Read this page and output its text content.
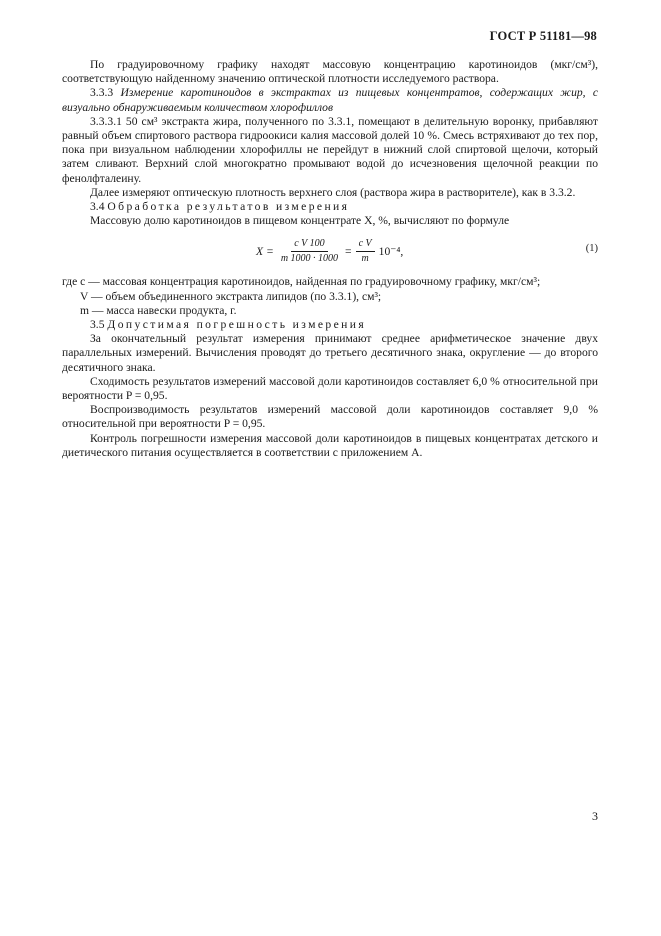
ГОСТ Р 51181—98

По градуировочному графику находят массовую концентрацию каротиноидов (мкг/см³), соответствующую найденному значению оптической плотности исследуемого раствора.

3.3.3 Измерение каротиноидов в экстрактах из пищевых концентратов, содержащих жир, с визуально обнаруживаемым количеством хлорофиллов

3.3.3.1 50 см³ экстракта жира, полученного по 3.3.1, помещают в делительную воронку, прибавляют равный объем спиртового раствора гидроокиси калия массовой долей 10 %. Смесь встряхивают до тех пор, пока при визуальном наблюдении хлорофиллы не перейдут в нижний слой спиртовой щелочи, который затем сливают. Верхний слой многократно промывают водой до исчезновения щелочной реакции по фенолфталеину.

Далее измеряют оптическую плотность верхнего слоя (раствора жира в растворителе), как в 3.3.2.

3.4 Обработка результатов измерения

Массовую долю каротиноидов в пищевом концентрате X, %, вычисляют по формуле

$X = \frac{\text{c V 100}}{m 1000 \cdot 1000} = \frac{\text{c V}}{m} 10^{-4}$,	(1)

где c — массовая концентрация каротиноидов, найденная по градуировочному графику, мкг/см³;

V — объем объединенного экстракта липидов (по 3.3.1), см³;

m — масса навески продукта, г.

3.5 Допустимая погрешность измерения

За окончательный результат измерения принимают среднее арифметическое значение двух параллельных измерений. Вычисления проводят до третьего десятичного знака, округление — до второго десятичного знака.

Сходимость результатов измерений массовой доли каротиноидов составляет 6,0 % относительной при вероятности P = 0,95.

Воспроизводимость результатов измерений массовой доли каротиноидов составляет 9,0 % относительной при вероятности P = 0,95.

Контроль погрешности измерения массовой доли каротиноидов в пищевых концентратах детского и диетического питания осуществляется в соответствии с приложением А.

3
